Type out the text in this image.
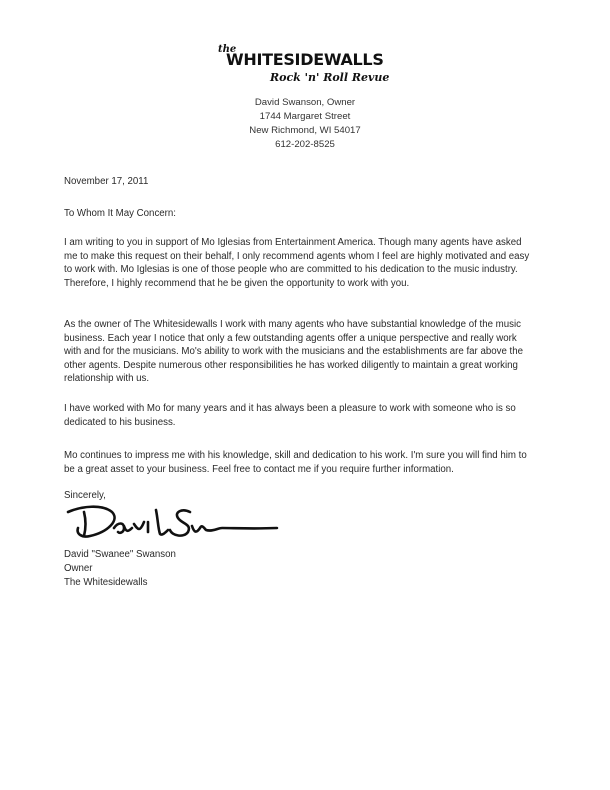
the
WHITESIDEWALLS
Rock 'n' Roll Revue
David Swanson, Owner
1744 Margaret Street
New Richmond, WI 54017
612-202-8525
November 17, 2011
To Whom It May Concern:
I am writing to you in support of Mo Iglesias from Entertainment America. Though many agents have asked me to make this request on their behalf, I only recommend agents whom I feel are highly motivated and easy to work with. Mo Iglesias is one of those people who are committed to his dedication to the music industry. Therefore, I highly recommend that he be given the opportunity to work with you.
As the owner of The Whitesidewalls I work with many agents who have substantial knowledge of the music business. Each year I notice that only a few outstanding agents offer a unique perspective and really work with and for the musicians. Mo's ability to work with the musicians and the establishments are far above the other agents. Despite numerous other responsibilities he has worked diligently to maintain a great working relationship with us.
I have worked with Mo for many years and it has always been a pleasure to work with someone who is so dedicated to his business.
Mo continues to impress me with his knowledge, skill and dedication to his work. I'm sure you will find him to be a great asset to your business. Feel free to contact me if you require further information.
Sincerely,
David "Swanee" Swanson
Owner
The Whitesidewalls
